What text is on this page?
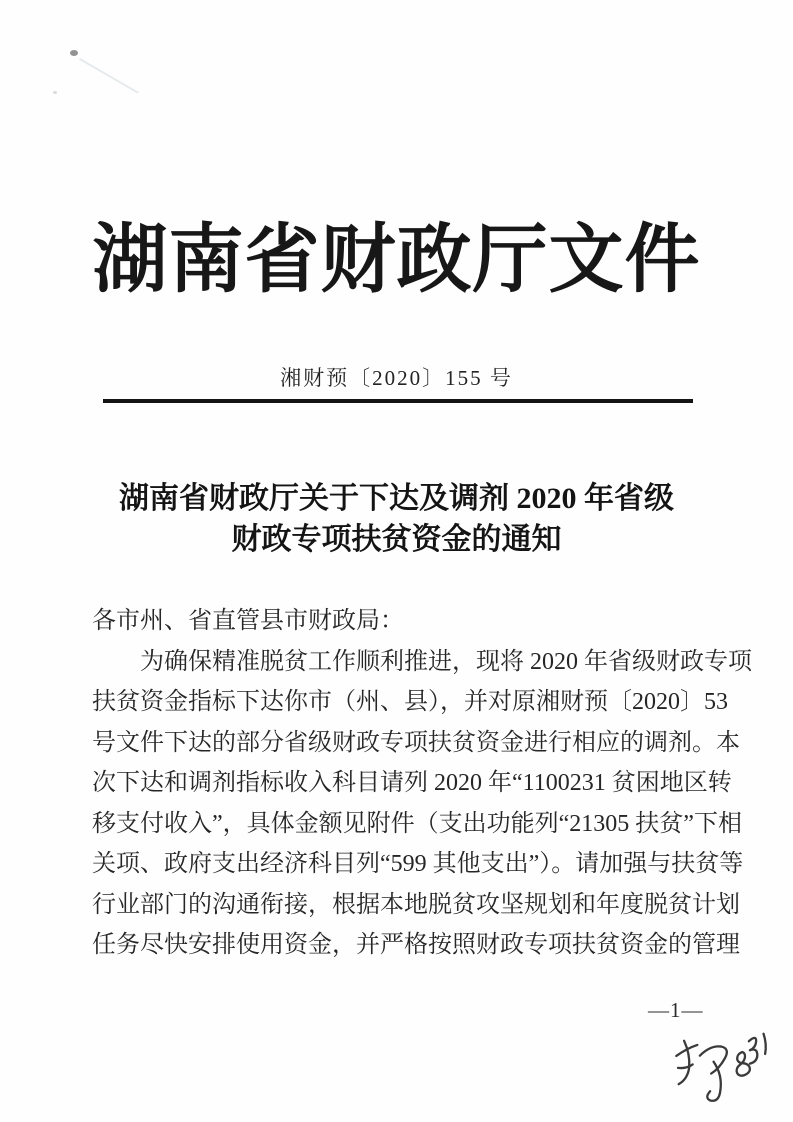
湖南省财政厅文件
湘财预〔2020〕155 号
湖南省财政厅关于下达及调剂 2020 年省级
财政专项扶贫资金的通知
各市州、省直管县市财政局：
为确保精准脱贫工作顺利推进，现将 2020 年省级财政专项
扶贫资金指标下达你市（州、县），并对原湘财预〔2020〕53
号文件下达的部分省级财政专项扶贫资金进行相应的调剂。本
次下达和调剂指标收入科目请列 2020 年“1100231 贫困地区转
移支付收入”，具体金额见附件（支出功能列“21305 扶贫”下相
关项、政府支出经济科目列“599 其他支出”）。请加强与扶贫等
行业部门的沟通衔接，根据本地脱贫攻坚规划和年度脱贫计划
任务尽快安排使用资金，并严格按照财政专项扶贫资金的管理
—1—
